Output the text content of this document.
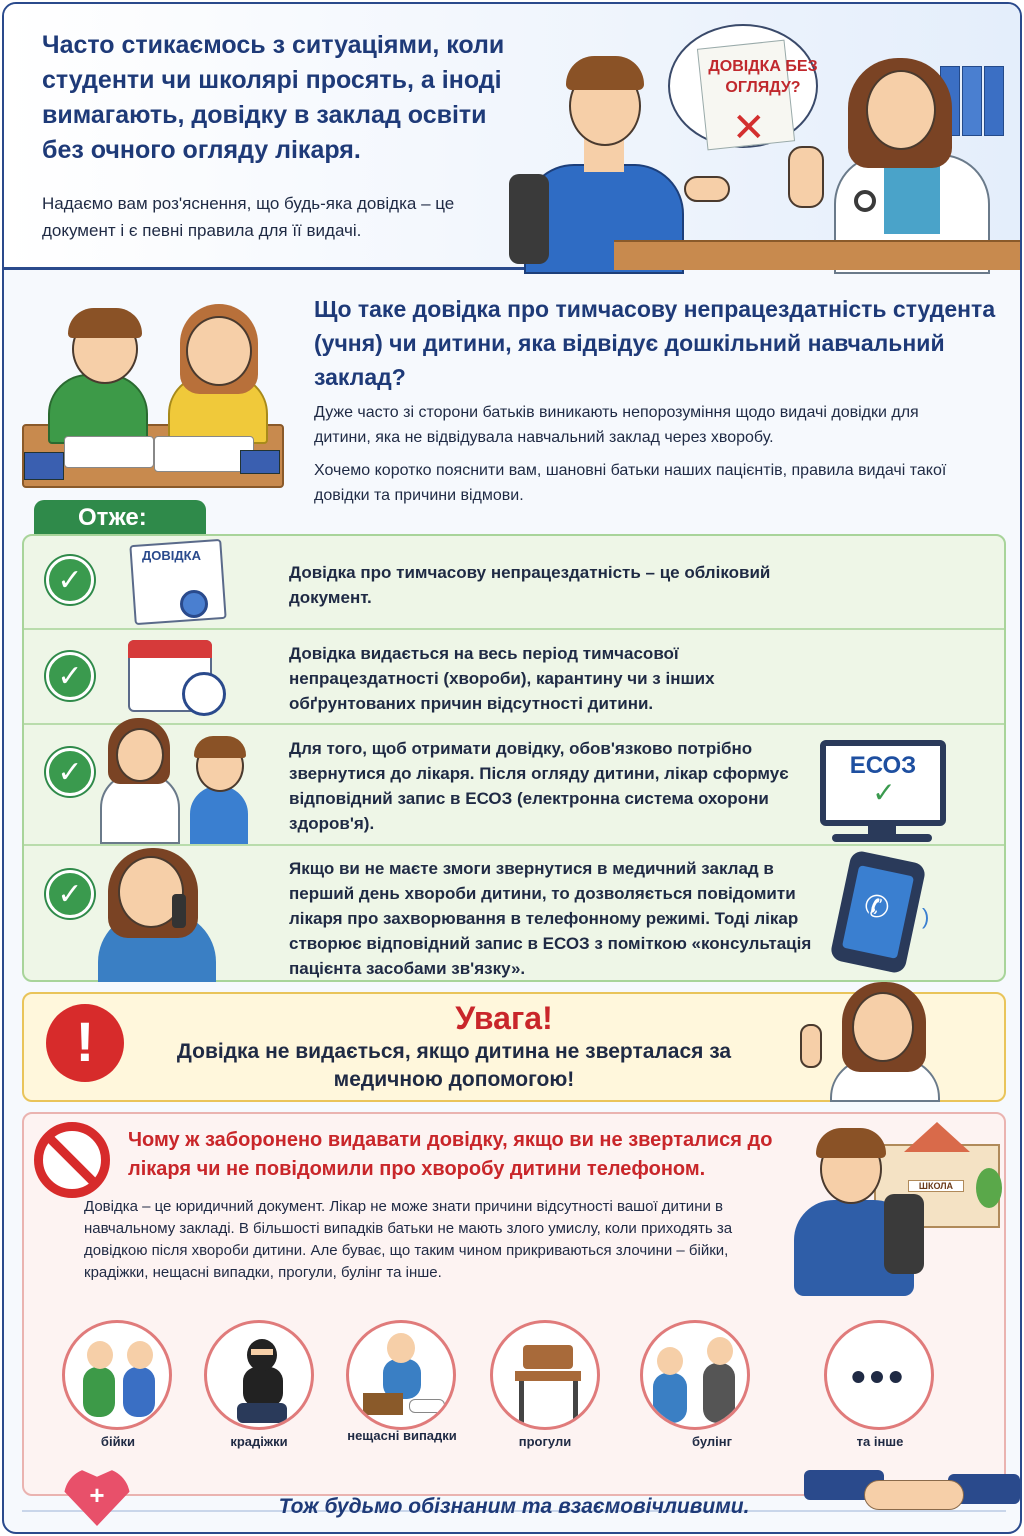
Часто стикаємось з ситуаціями, коли студенти чи школярі просять, а іноді вимагають, довідку в заклад освіти без очного огляду лікаря.
Надаємо вам роз'яснення, що будь-яка довідка – це документ і є певні правила для її видачі.
ДОВІДКА БЕЗ ОГЛЯДУ?
✕
Що таке довідка про тимчасову непрацездатність студента (учня) чи дитини, яка відвідує дошкільний навчальний заклад?
Дуже часто зі сторони батьків виникають непорозуміння щодо видачі довідки для дитини, яка не відвідувала навчальний заклад через хворобу.
Хочемо коротко пояснити вам, шановні батьки наших пацієнтів, правила видачі такої довідки та причини відмови.
Отже:
✓
ДОВІДКА
Довідка про тимчасову непрацездатність – це обліковий документ.
✓
Довідка видається на весь період тимчасової непрацездатності (хвороби), карантину чи з інших обґрунтованих причин відсутності дитини.
✓
Для того, щоб отримати довідку, обов'язково потрібно звернутися до лікаря. Після огляду дитини, лікар сформує відповідний запис в ЕСОЗ (електронна система охорони здоров'я).
ЕСОЗ
✓
✓
Якщо ви не маєте змоги звернутися в медичний заклад в перший день хвороби дитини, то дозволяється повідомити лікаря про захворювання в телефонному режимі. Тоді лікар створює відповідний запис в ЕСОЗ з поміткою «консультація пацієнта засобами зв'язку».
✆ )
!	Увага!
Довідка не видається, якщо дитина не зверталася за медичною допомогою!
Чому ж заборонено видавати довідку, якщо ви не зверталися до лікаря чи не повідомили про хворобу дитини телефоном.
Довідка – це юридичний документ. Лікар не може знати причини відсутності вашої дитини в навчальному закладі. В більшості випадків батьки не мають злого умислу, коли приходять за довідкою після хвороби дитини. Але буває, що таким чином прикриваються злочини – бійки, крадіжки, нещасні випадки, прогули, булінг та інше.
ШКОЛА
бійки	крадіжки	нещасні випадки	прогули	булінг
•••
та інше
+	Тож будьмо обізнаним та взаємовічливими.
